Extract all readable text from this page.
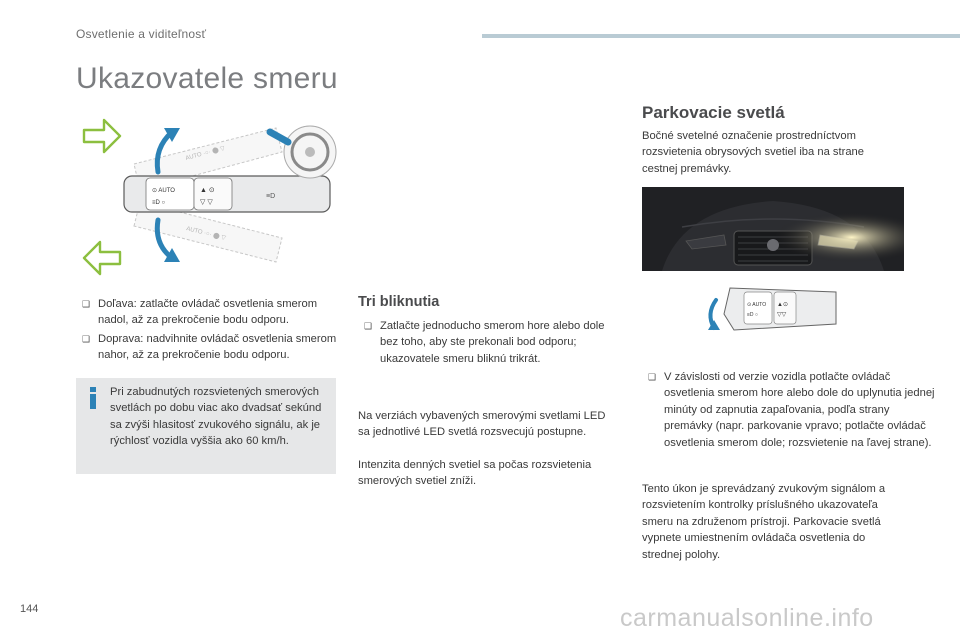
Osvetlenie a viditeľnosť
Ukazovatele smeru
AUTO ·○· ⬤ ▽
AUTO ·○· ⬤ ▽
⊙ AUTO
≡D ○
▲ ⊙
▽ ▽
≡D
❑ Doľava: zatlačte ovládač osvetlenia smerom nadol, až za prekročenie bodu odporu.
❑ Doprava: nadvihnite ovládač osvetlenia smerom nahor, až za prekročenie bodu odporu.
Pri zabudnutých rozsvietených smerových svetlách po dobu viac ako dvadsať sekúnd sa zvýši hlasitosť zvukového signálu, ak je rýchlosť vozidla vyššia ako 60 km/h.
Tri bliknutia
❑ Zatlačte jednoducho smerom hore alebo dole bez toho, aby ste prekonali bod odporu; ukazovatele smeru bliknú trikrát.
Na verziách vybavených smerovými svetlami LED sa jednotlivé LED svetlá rozsvecujú postupne.
Intenzita denných svetiel sa počas rozsvietenia smerových svetiel zníži.
Parkovacie svetlá
Bočné svetelné označenie prostredníctvom rozsvietenia obrysových svetiel iba na strane cestnej premávky.
⊙ AUTO
≡D ○
▲⊙
▽▽
❑ V závislosti od verzie vozidla potlačte ovládač osvetlenia smerom hore alebo dole do uplynutia jednej minúty od zapnutia zapaľovania, podľa strany premávky (napr. parkovanie vpravo; potlačte ovládač osvetlenia smerom dole; rozsvietenie na ľavej strane).
Tento úkon je sprevádzaný zvukovým signálom a rozsvietením kontrolky príslušného ukazovateľa smeru na združenom prístroji. Parkovacie svetlá vypnete umiestnením ovládača osvetlenia do strednej polohy.
144	carmanualsonline.info
